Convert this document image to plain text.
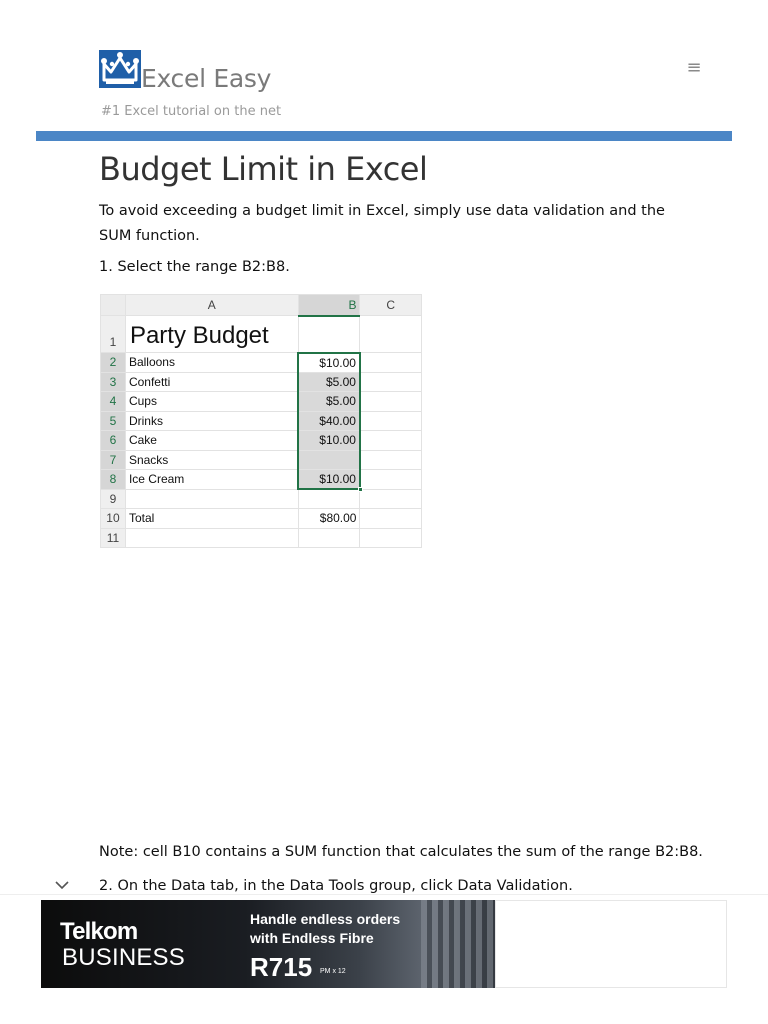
Excel Easy
#1 Excel tutorial on the net
≡
Budget Limit in Excel

To avoid exceeding a budget limit in Excel, simply use data validation and the SUM function.

1. Select the range B2:B8.

	A	B	C
1	Party Budget		
2	Balloons	$10.00	
3	Confetti	$5.00	
4	Cups	$5.00	
5	Drinks	$40.00	
6	Cake	$10.00	
7	Snacks		
8	Ice Cream	$10.00

9			
10	Total	$80.00	
11			

Note: cell B10 contains a SUM function that calculates the sum of the range B2:B8.

2. On the Data tab, in the Data Tools group, click Data Validation.

Telkom
BUSINESS
Handle endless orders
with Endless Fibre
R715 PM x 12
